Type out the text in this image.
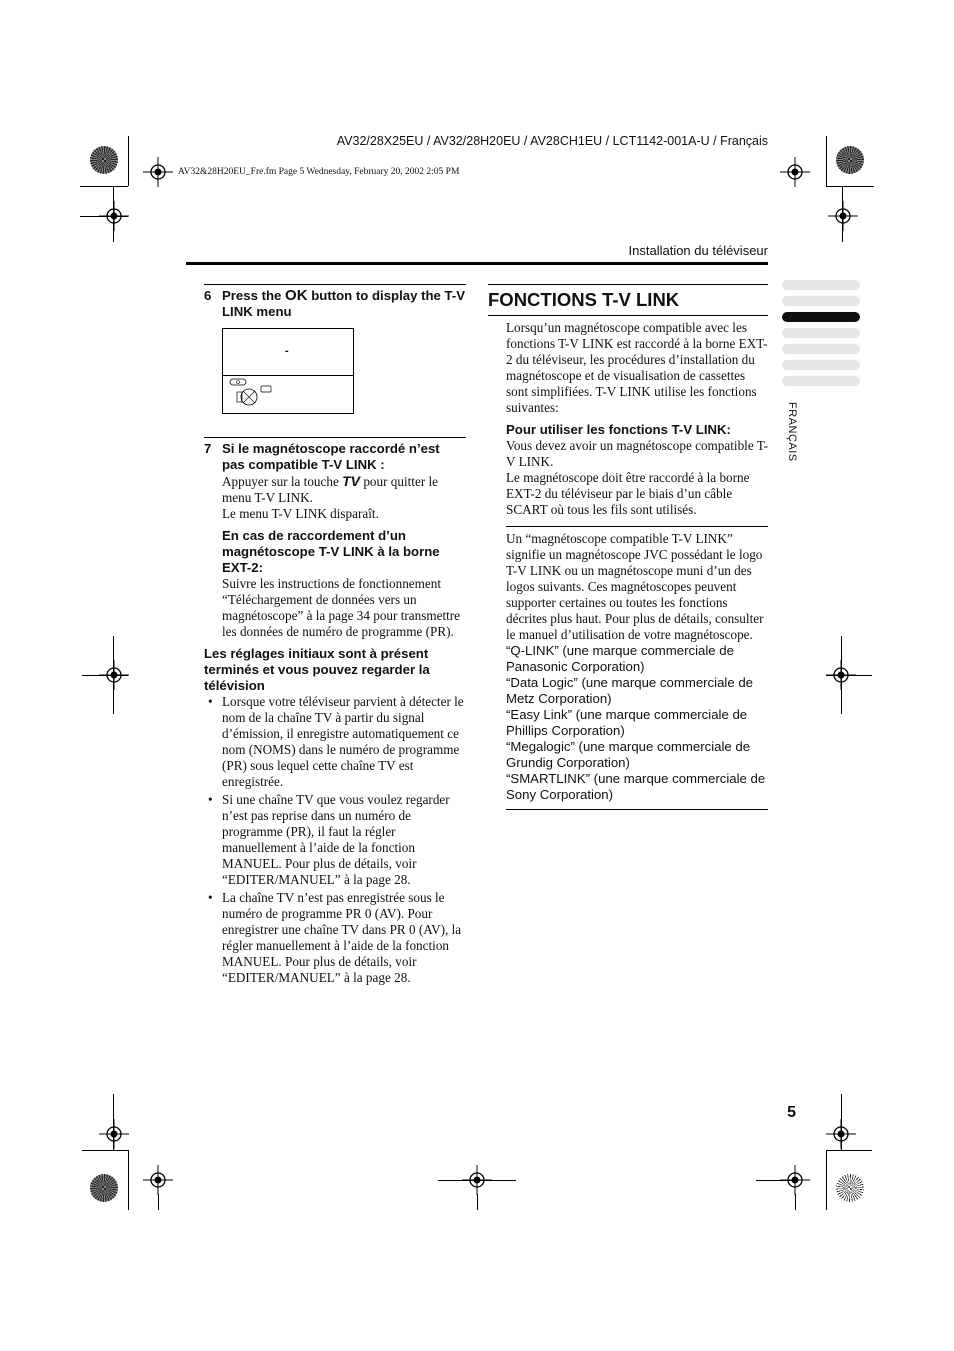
AV32/28X25EU / AV32/28H20EU / AV28CH1EU / LCT1142-001A-U / Français
AV32&28H20EU_Fre.fm Page 5 Wednesday, February 20, 2002 2:05 PM
Installation du téléviseur
6 Press the OK button to display the T-V LINK menu
-
·
7 Si le magnétoscope raccordé n’est pas compatible T-V LINK :
Appuyer sur la touche TV pour quitter le menu T-V LINK.
Le menu T-V LINK disparaît.
En cas de raccordement d’un magnétoscope T-V LINK à la borne EXT-2:
Suivre les instructions de fonctionnement “Téléchargement de données vers un magnétoscope” à la page 34 pour transmettre les données de numéro de programme (PR).
Les réglages initiaux sont à présent terminés et vous pouvez regarder la télévision
• Lorsque votre téléviseur parvient à détecter le nom de la chaîne TV à partir du signal d’émission, il enregistre automatiquement ce nom (NOMS) dans le numéro de programme (PR) sous lequel cette chaîne TV est enregistrée.
• Si une chaîne TV que vous voulez regarder n’est pas reprise dans un numéro de programme (PR), il faut la régler manuellement à l’aide de la fonction MANUEL. Pour plus de détails, voir “EDITER/MANUEL” à la page 28.
• La chaîne TV n’est pas enregistrée sous le numéro de programme PR 0 (AV). Pour enregistrer une chaîne TV dans PR 0 (AV), la régler manuellement à l’aide de la fonction MANUEL. Pour plus de détails, voir “EDITER/MANUEL” à la page 28.
FONCTIONS T-V LINK
Lorsqu’un magnétoscope compatible avec les fonctions T-V LINK est raccordé à la borne EXT-2 du téléviseur, les procédures d’installation du magnétoscope et de visualisation de cassettes sont simplifiées. T-V LINK utilise les fonctions suivantes:
Pour utiliser les fonctions T-V LINK:
Vous devez avoir un magnétoscope compatible T-V LINK.
Le magnétoscope doit être raccordé à la borne EXT-2 du téléviseur par le biais d’un câble SCART où tous les fils sont utilisés.
Un “magnétoscope compatible T-V LINK” signifie un magnétoscope JVC possédant le logo T-V LINK ou un magnétoscope muni d’un des logos suivants. Ces magnétoscopes peuvent supporter certaines ou toutes les fonctions décrites plus haut. Pour plus de détails, consulter le manuel d’utilisation de votre magnétoscope.
“Q-LINK” (une marque commerciale de Panasonic Corporation)
“Data Logic” (une marque commerciale de Metz Corporation)
“Easy Link” (une marque commerciale de Phillips Corporation)
“Megalogic” (une marque commerciale de Grundig Corporation)
“SMARTLINK” (une marque commerciale de Sony Corporation)
FRANÇAIS
5
